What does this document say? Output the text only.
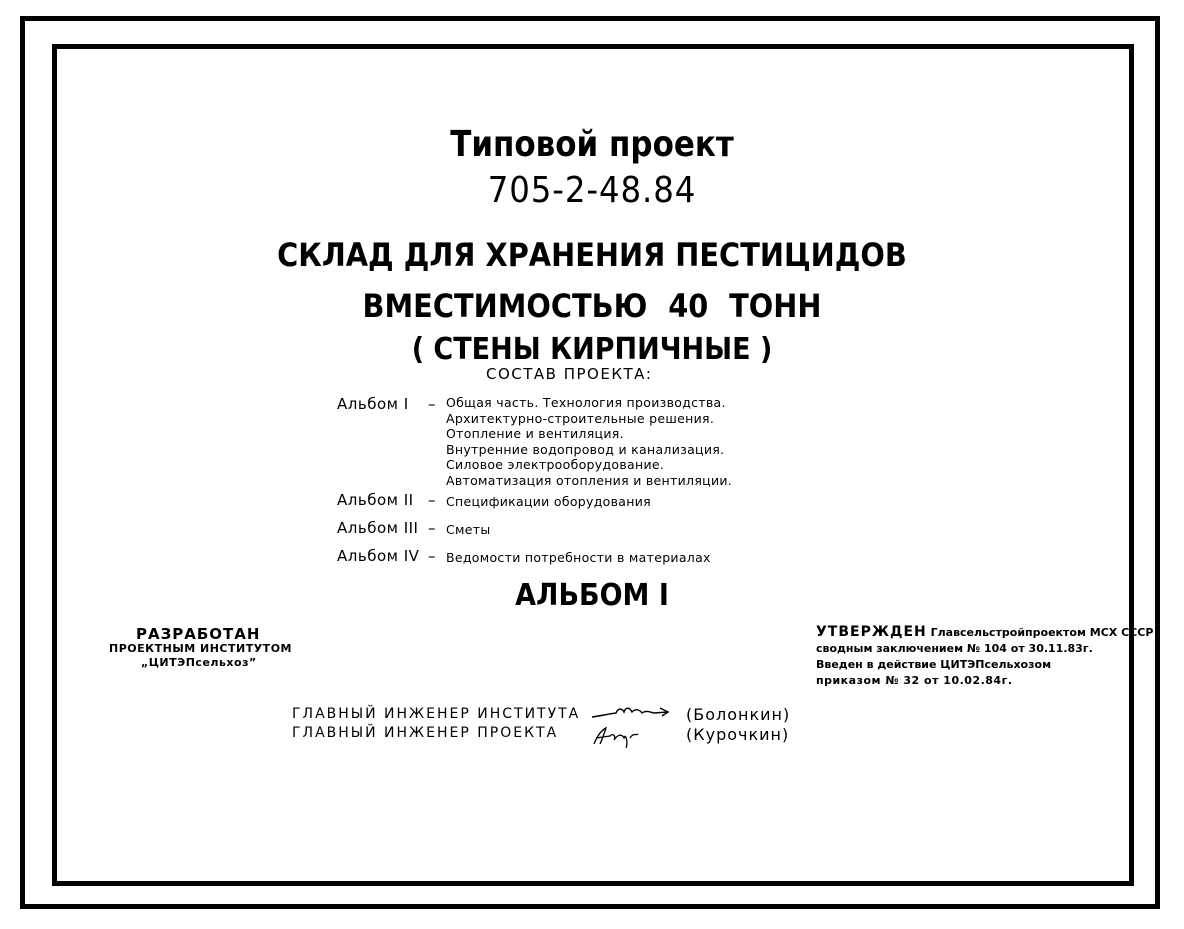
Типовой проект
705-2-48.84
СКЛАД ДЛЯ ХРАНЕНИЯ ПЕСТИЦИДОВ
ВМЕСТИМОСТЬЮ 40 ТОНН
( СТЕНЫ КИРПИЧНЫЕ )
СОСТАВ ПРОЕКТА:
Альбом I – Общая часть. Технология производства.
Архитектурно-строительные решения.
Отопление и вентиляция.
Внутренние водопровод и канализация.
Силовое электрооборудование.
Автоматизация отопления и вентиляции.
Альбом II – Спецификации оборудования
Альбом III – Сметы
Альбом IV – Ведомости потребности в материалах
АЛЬБОМ I
РАЗРАБОТАН
ПРОЕКТНЫМ ИНСТИТУТОМ
„ЦИТЭПсельхоз”
УТВЕРЖДЕН Главсельстройпроектом МСХ СССР
сводным заключением № 104 от 30.11.83г.
Введен в действие ЦИТЭПсельхозом
приказом № 32 от 10.02.84г.
ГЛАВНЫЙ ИНЖЕНЕР ИНСТИТУТА
ГЛАВНЫЙ ИНЖЕНЕР ПРОЕКТА
(Болонкин)
(Курочкин)
